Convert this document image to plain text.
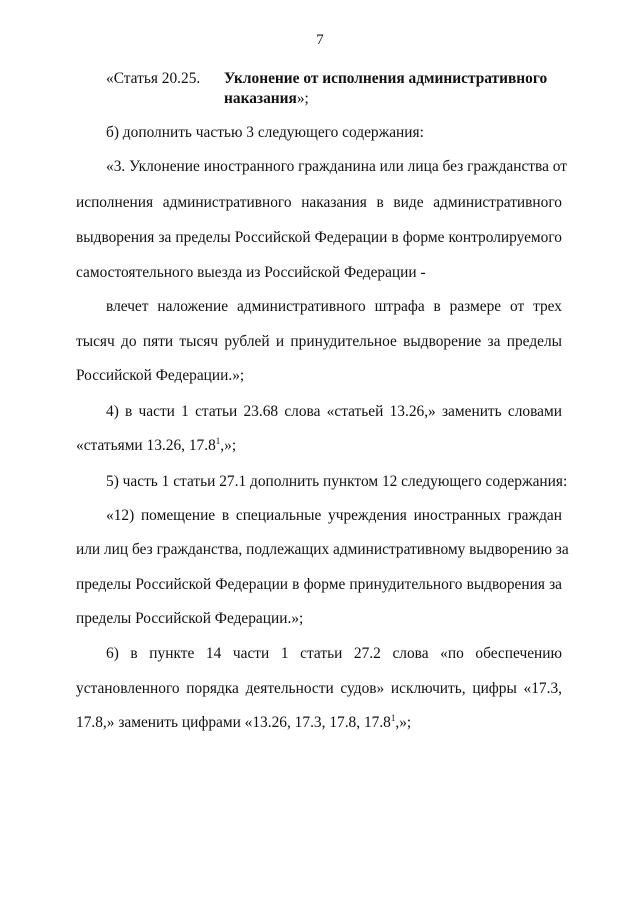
7
«Статья 20.25. Уклонение от исполнения административного
наказания»;
б) дополнить частью 3 следующего содержания:
«3. Уклонение иностранного гражданина или лица без гражданства от
исполнения административного наказания в виде административного
выдворения за пределы Российской Федерации в форме контролируемого
самостоятельного выезда из Российской Федерации -
влечет наложение административного штрафа в размере от трех
тысяч до пяти тысяч рублей и принудительное выдворение за пределы
Российской Федерации.»;
4) в части 1 статьи 23.68 слова «статьей 13.26,» заменить словами
«статьями 13.26, 17.8$^1$,»;
5) часть 1 статьи 27.1 дополнить пунктом 12 следующего содержания:
«12) помещение в специальные учреждения иностранных граждан
или лиц без гражданства, подлежащих административному выдворению за
пределы Российской Федерации в форме принудительного выдворения за
пределы Российской Федерации.»;
6) в пункте 14 части 1 статьи 27.2 слова «по обеспечению
установленного порядка деятельности судов» исключить, цифры «17.3,
17.8,» заменить цифрами «13.26, 17.3, 17.8, 17.8$^1$,»;
